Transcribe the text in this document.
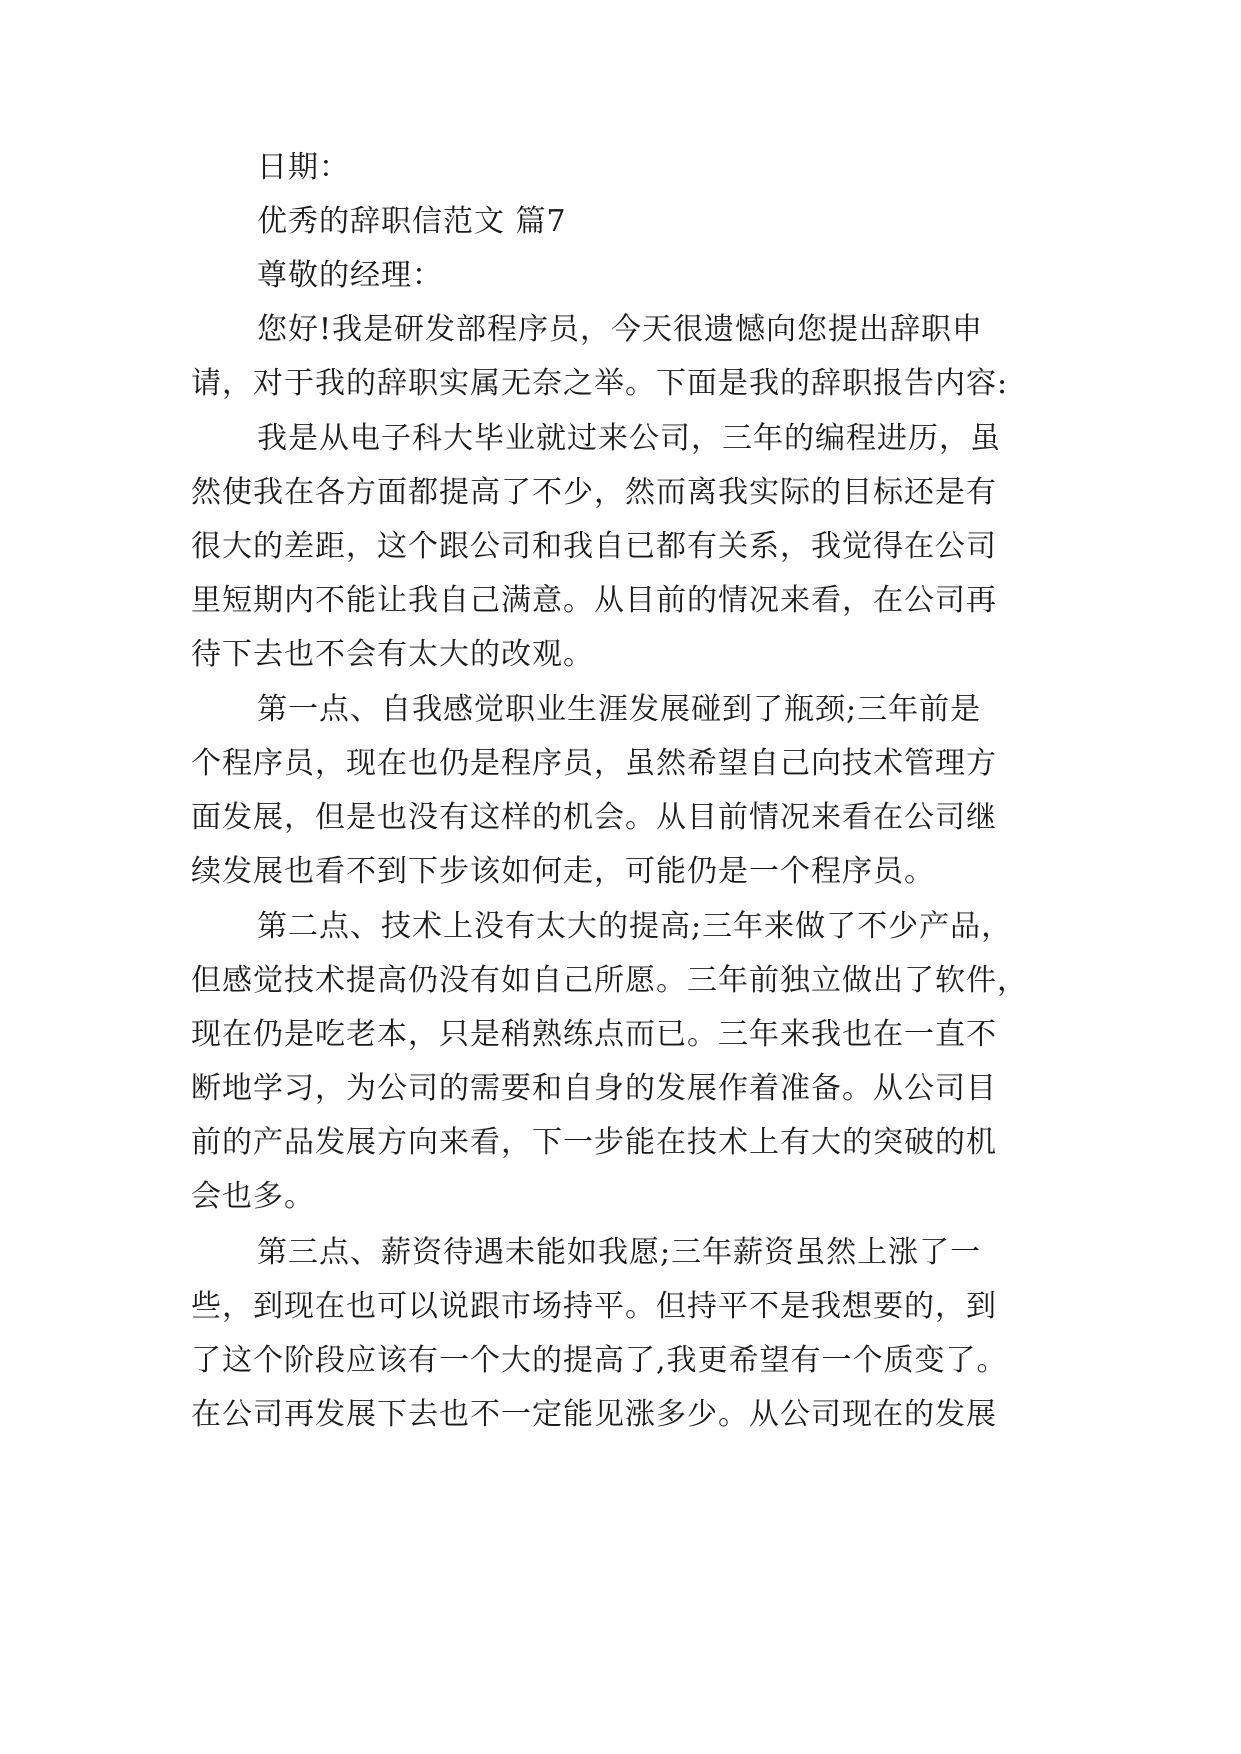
日期：
优秀的辞职信范文 篇7
尊敬的经理：
您好!我是研发部程序员，今天很遗憾向您提出辞职申
请，对于我的辞职实属无奈之举。下面是我的辞职报告内容:
我是从电子科大毕业就过来公司，三年的编程进历，虽
然使我在各方面都提高了不少，然而离我实际的目标还是有
很大的差距，这个跟公司和我自已都有关系，我觉得在公司
里短期内不能让我自己满意。从目前的情况来看，在公司再
待下去也不会有太大的改观。
第一点、自我感觉职业生涯发展碰到了瓶颈;三年前是
个程序员，现在也仍是程序员，虽然希望自己向技术管理方
面发展，但是也没有这样的机会。从目前情况来看在公司继
续发展也看不到下步该如何走，可能仍是一个程序员。
第二点、技术上没有太大的提高;三年来做了不少产品，
但感觉技术提高仍没有如自己所愿。三年前独立做出了软件，
现在仍是吃老本，只是稍熟练点而已。三年来我也在一直不
断地学习，为公司的需要和自身的发展作着准备。从公司目
前的产品发展方向来看，下一步能在技术上有大的突破的机
会也多。
第三点、薪资待遇未能如我愿;三年薪资虽然上涨了一
些，到现在也可以说跟市场持平。但持平不是我想要的，到
了这个阶段应该有一个大的提高了,我更希望有一个质变了。
在公司再发展下去也不一定能见涨多少。从公司现在的发展
